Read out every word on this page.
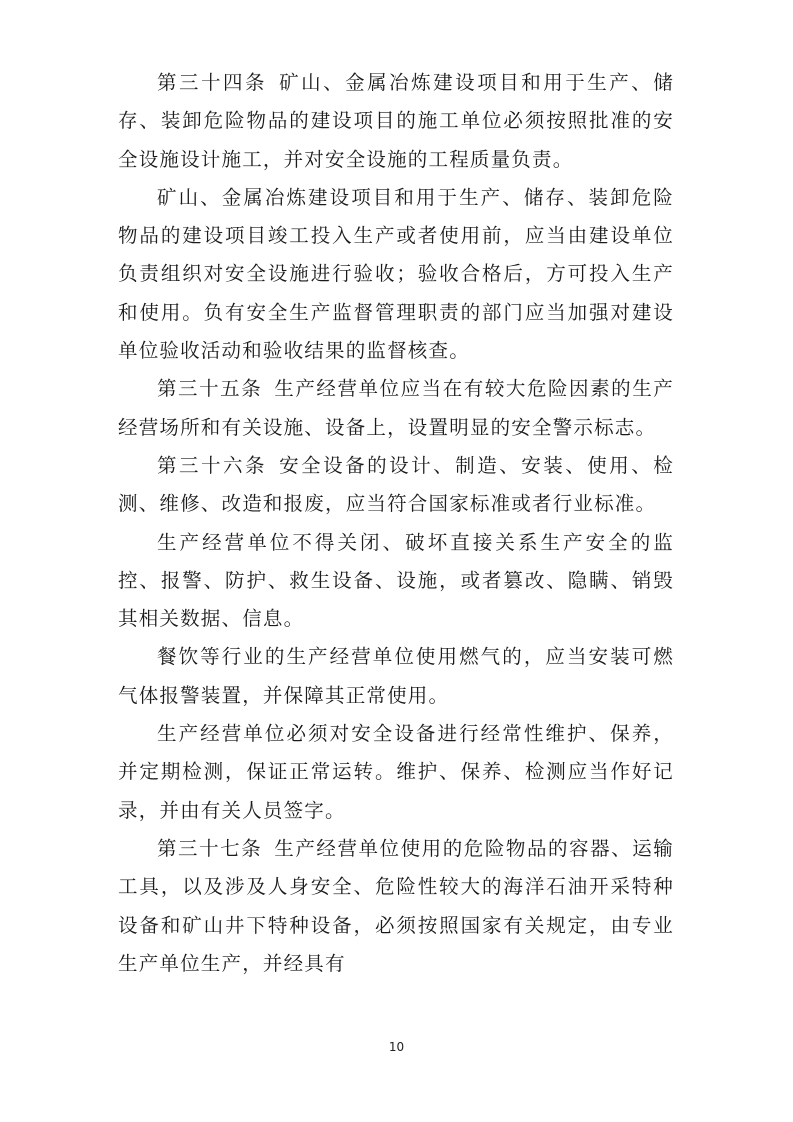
第三十四条 矿山、金属冶炼建设项目和用于生产、储存、装卸危险物品的建设项目的施工单位必须按照批准的安全设施设计施工，并对安全设施的工程质量负责。

矿山、金属冶炼建设项目和用于生产、储存、装卸危险物品的建设项目竣工投入生产或者使用前，应当由建设单位负责组织对安全设施进行验收；验收合格后，方可投入生产和使用。负有安全生产监督管理职责的部门应当加强对建设单位验收活动和验收结果的监督核查。

第三十五条 生产经营单位应当在有较大危险因素的生产经营场所和有关设施、设备上，设置明显的安全警示标志。

第三十六条 安全设备的设计、制造、安装、使用、检测、维修、改造和报废，应当符合国家标准或者行业标准。

生产经营单位不得关闭、破坏直接关系生产安全的监控、报警、防护、救生设备、设施，或者篡改、隐瞒、销毁其相关数据、信息。

餐饮等行业的生产经营单位使用燃气的，应当安装可燃气体报警装置，并保障其正常使用。

生产经营单位必须对安全设备进行经常性维护、保养，并定期检测，保证正常运转。维护、保养、检测应当作好记录，并由有关人员签字。

第三十七条 生产经营单位使用的危险物品的容器、运输工具，以及涉及人身安全、危险性较大的海洋石油开采特种设备和矿山井下特种设备，必须按照国家有关规定，由专业生产单位生产，并经具有

10
